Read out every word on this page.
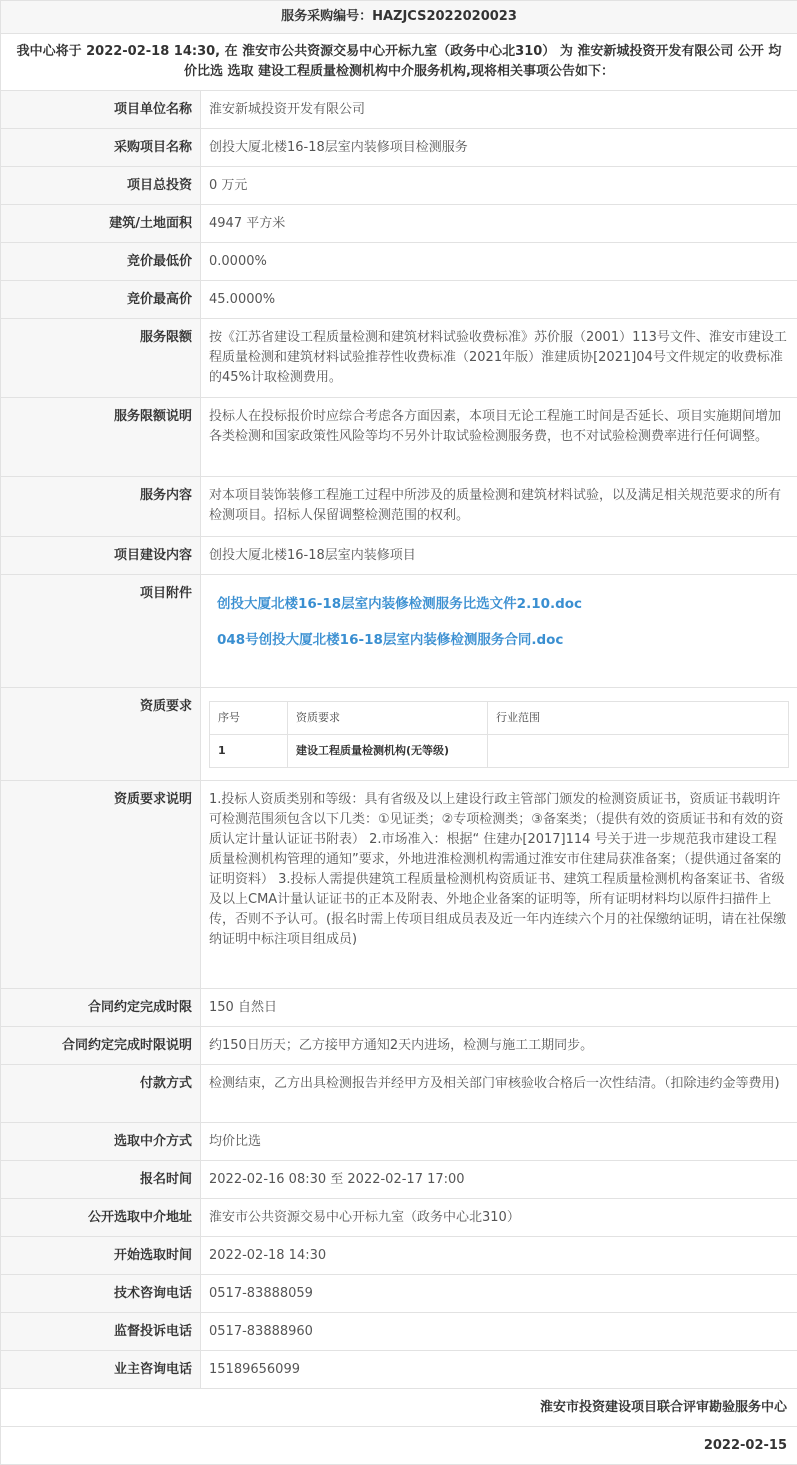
服务采购编号：HAZJCS2022020023
我中心将于 2022-02-18 14:30, 在 淮安市公共资源交易中心开标九室（政务中心北310） 为 淮安新城投资开发有限公司 公开 均价比选 选取 建设工程质量检测机构中介服务机构,现将相关事项公告如下：
项目单位名称	淮安新城投资开发有限公司
采购项目名称	创投大厦北楼16-18层室内装修项目检测服务
项目总投资	0 万元
建筑/土地面积	4947 平方米
竞价最低价	0.0000%
竞价最高价	45.0000%
服务限额	按《江苏省建设工程质量检测和建筑材料试验收费标准》苏价服（2001）113号文件、淮安市建设工程质量检测和建筑材料试验推荐性收费标准（2021年版）淮建质协[2021]04号文件规定的收费标准的45%计取检测费用。
服务限额说明	投标人在投标报价时应综合考虑各方面因素，本项目无论工程施工时间是否延长、项目实施期间增加各类检测和国家政策性风险等均不另外计取试验检测服务费，也不对试验检测费率进行任何调整。
服务内容	对本项目装饰装修工程施工过程中所涉及的质量检测和建筑材料试验，以及满足相关规范要求的所有检测项目。招标人保留调整检测范围的权利。
项目建设内容	创投大厦北楼16-18层室内装修项目
项目附件	
创投大厦北楼16-18层室内装修检测服务比选文件2.10.doc
048号创投大厦北楼16-18层室内装修检测服务合同.doc

资质要求	
序号	资质要求	行业范围
1	建设工程质量检测机构(无等级)	

资质要求说明	1.投标人资质类别和等级：具有省级及以上建设行政主管部门颁发的检测资质证书，资质证书载明许可检测范围须包含以下几类：①见证类；②专项检测类；③备案类；（提供有效的资质证书和有效的资质认定计量认证证书附表） 2.市场准入：根据“ 住建办[2017]114 号关于进一步规范我市建设工程质量检测机构管理的通知”要求，外地进淮检测机构需通过淮安市住建局获准备案；（提供通过备案的证明资料） 3.投标人需提供建筑工程质量检测机构资质证书、建筑工程质量检测机构备案证书、省级及以上CMA计量认证证书的正本及附表、外地企业备案的证明等，所有证明材料均以原件扫描件上传，否则不予认可。(报名时需上传项目组成员表及近一年内连续六个月的社保缴纳证明，请在社保缴纳证明中标注项目组成员)
合同约定完成时限	150 自然日
合同约定完成时限说明	约150日历天；乙方接甲方通知2天内进场，检测与施工工期同步。
付款方式	检测结束，乙方出具检测报告并经甲方及相关部门审核验收合格后一次性结清。（扣除违约金等费用)
选取中介方式	均价比选
报名时间	2022-02-16 08:30 至 2022-02-17 17:00
公开选取中介地址	淮安市公共资源交易中心开标九室（政务中心北310）
开始选取时间	2022-02-18 14:30
技术咨询电话	0517-83888059
监督投诉电话	0517-83888960
业主咨询电话	15189656099
淮安市投资建设项目联合评审勘验服务中心
2022-02-15
